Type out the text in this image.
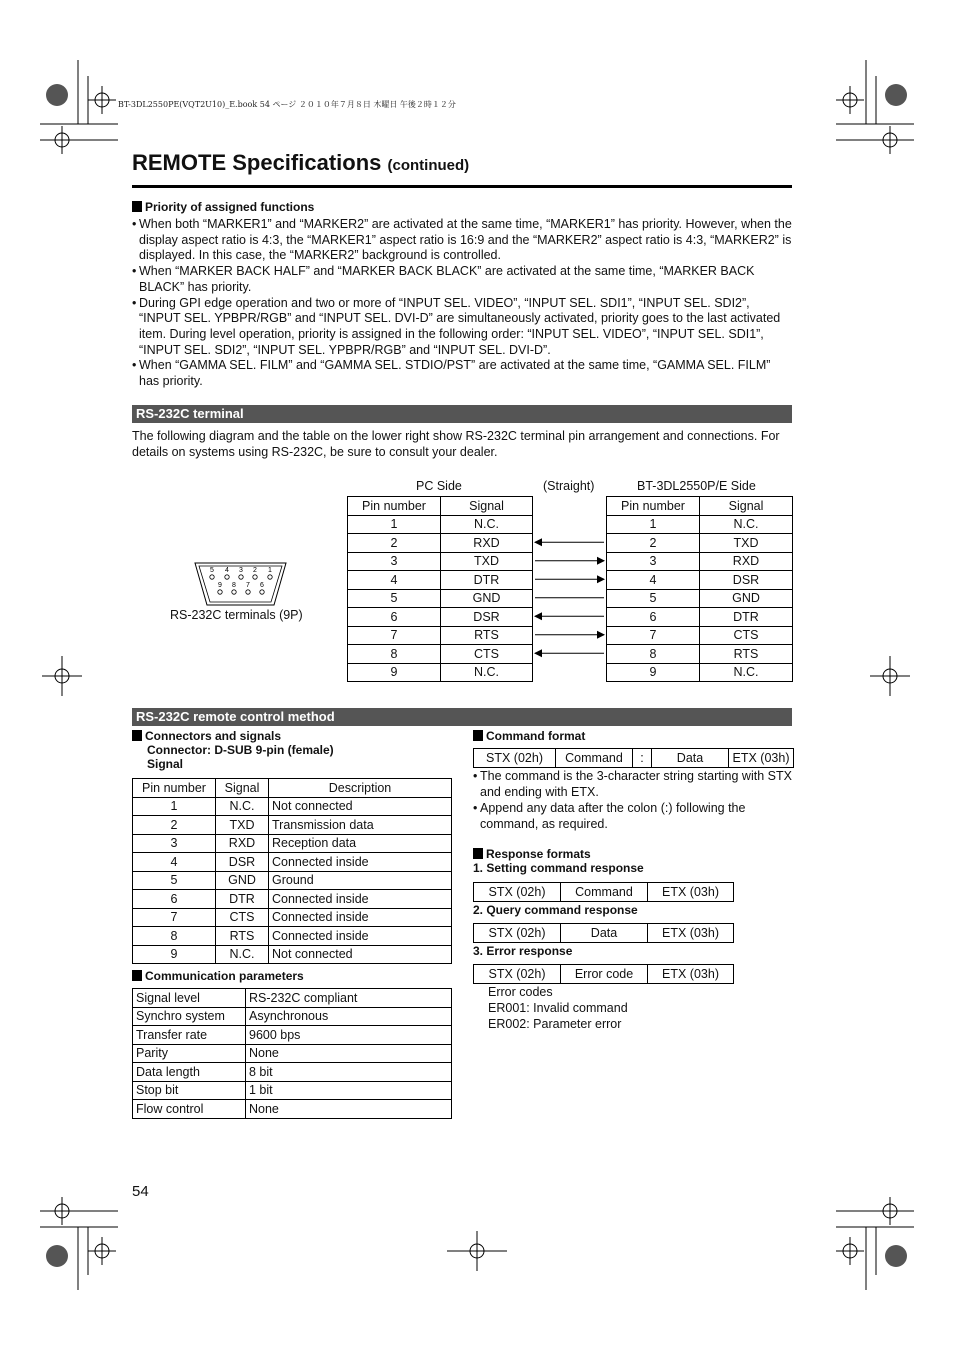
BT-3DL2550PE(VQT2U10)_E.book 54 ページ ２０１０年７月８日 木曜日 午後２時１２分
REMOTE Specifications (continued)
Priority of assigned functions
• When both “MARKER1” and “MARKER2” are activated at the same time, “MARKER1” has priority. However, when the display aspect ratio is 4:3, the “MARKER1” aspect ratio is 16:9 and the “MARKER2” aspect ratio is 4:3, “MARKER2” is displayed. In this case, the “MARKER2” background is controlled.
• When “MARKER BACK HALF” and “MARKER BACK BLACK” are activated at the same time, “MARKER BACK BLACK” has priority.
• During GPI edge operation and two or more of “INPUT SEL. VIDEO”, “INPUT SEL. SDI1”, “INPUT SEL. SDI2”, “INPUT SEL. YPBPR/RGB” and “INPUT SEL. DVI-D” are simultaneously activated, priority goes to the last activated item. During level operation, priority is assigned in the following order: “INPUT SEL. VIDEO”, “INPUT SEL. SDI1”, “INPUT SEL. SDI2”, “INPUT SEL. YPBPR/RGB” and “INPUT SEL. DVI-D”.
• When “GAMMA SEL. FILM” and “GAMMA SEL. STDIO/PST” are activated at the same time, “GAMMA SEL. FILM” has priority.
RS-232C terminal
The following diagram and the table on the lower right show RS-232C terminal pin arrangement and connections. For details on systems using RS-232C, be sure to consult your dealer.
5 4 3 2 1
9 8 7 6
RS-232C terminals (9P)
PC Side	(Straight)	BT-3DL2550P/E Side
Pin number	Signal
1	N.C.
2	RXD
3	TXD
4	DTR
5	GND
6	DSR
7	RTS
8	CTS
9	N.C.
Pin number	Signal
1	N.C.
2	TXD
3	RXD
4	DSR
5	GND
6	DTR
7	CTS
8	RTS
9	N.C.
RS-232C remote control method
Connectors and signals
Connector: D-SUB 9-pin (female)
Signal
Pin number	Signal	Description
1	N.C.	Not connected
2	TXD	Transmission data
3	RXD	Reception data
4	DSR	Connected inside
5	GND	Ground
6	DTR	Connected inside
7	CTS	Connected inside
8	RTS	Connected inside
9	N.C.	Not connected
Communication parameters
Signal level	RS-232C compliant
Synchro system	Asynchronous
Transfer rate	9600 bps
Parity	None
Data length	8 bit
Stop bit	1 bit
Flow control	None
Command format
STX (02h)	Command	:	Data	ETX (03h)
• The command is the 3-character string starting with STX and ending with ETX.
• Append any data after the colon (:) following the command, as required.
Response formats
1. Setting command response
STX (02h)	Command	ETX (03h)
2. Query command response
STX (02h)	Data	ETX (03h)
3. Error response
STX (02h)	Error code	ETX (03h)
Error codes
ER001: Invalid command
ER002: Parameter error
54
